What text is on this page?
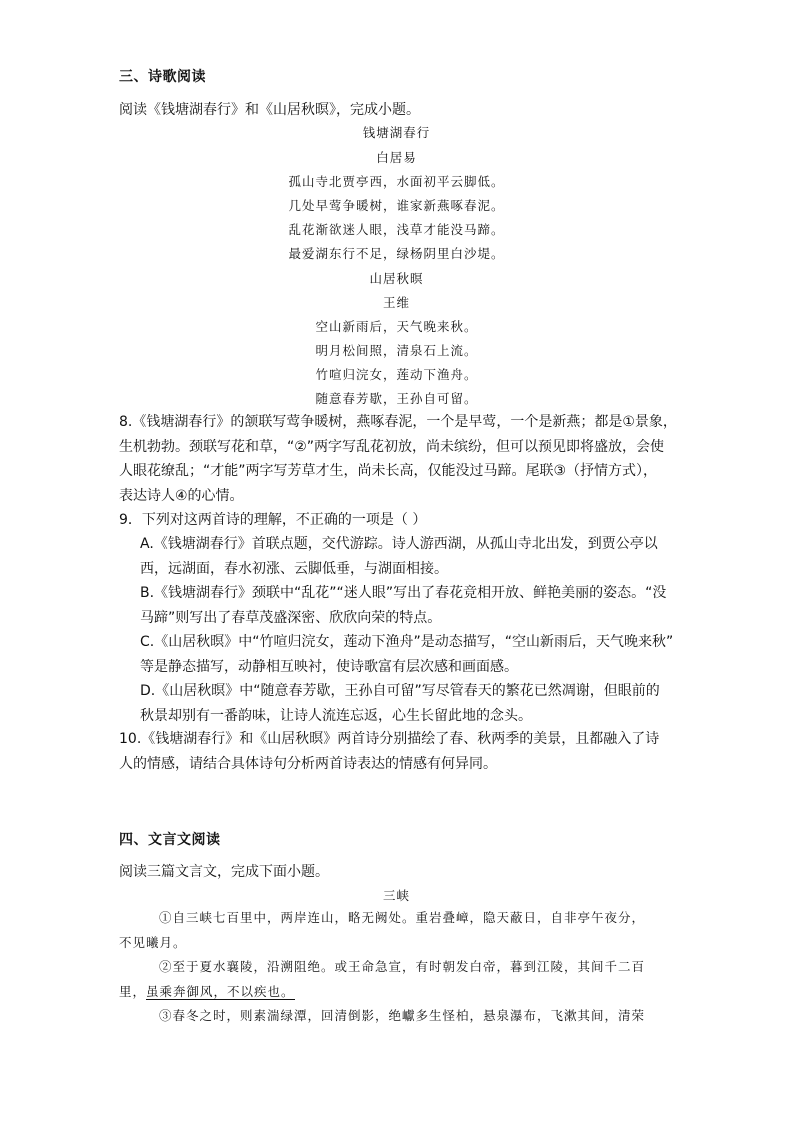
三、诗歌阅读
阅读《钱塘湖春行》和《山居秋暝》，完成小题。
钱塘湖春行
白居易
孤山寺北贾亭西，水面初平云脚低。
几处早莺争暖树，谁家新燕啄春泥。
乱花渐欲迷人眼，浅草才能没马蹄。
最爱湖东行不足，绿杨阴里白沙堤。
山居秋暝
王维
空山新雨后，天气晚来秋。
明月松间照，清泉石上流。
竹喧归浣女，莲动下渔舟。
随意春芳歇，王孙自可留。
8.《钱塘湖春行》的颔联写莺争暖树，燕啄春泥，一个是早莺，一个是新燕；都是①景象，
生机勃勃。颈联写花和草，“②”两字写乱花初放，尚未缤纷，但可以预见即将盛放，会使
人眼花缭乱；“才能”两字写芳草才生，尚未长高，仅能没过马蹄。尾联③（抒情方式），
表达诗人④的心情。
9．下列对这两首诗的理解，不正确的一项是（ ）
A.《钱塘湖春行》首联点题，交代游踪。诗人游西湖，从孤山寺北出发，到贾公亭以
西，远湖面，春水初涨、云脚低垂，与湖面相接。
B.《钱塘湖春行》颈联中“乱花”“迷人眼”写出了春花竞相开放、鲜艳美丽的姿态。“没
马蹄”则写出了春草茂盛深密、欣欣向荣的特点。
C.《山居秋暝》中“竹喧归浣女，莲动下渔舟”是动态描写，“空山新雨后，天气晚来秋”
等是静态描写，动静相互映衬，使诗歌富有层次感和画面感。
D.《山居秋暝》中“随意春芳歇，王孙自可留”写尽管春天的繁花已然凋谢，但眼前的
秋景却别有一番韵味，让诗人流连忘返，心生长留此地的念头。
10.《钱塘湖春行》和《山居秋暝》两首诗分别描绘了春、秋两季的美景，且都融入了诗
人的情感，请结合具体诗句分析两首诗表达的情感有何异同。
四、文言文阅读
阅读三篇文言文，完成下面小题。
三峡
①自三峡七百里中，两岸连山，略无阙处。重岩叠嶂，隐天蔽日，自非亭午夜分，
不见曦月。
②至于夏水襄陵，沿溯阻绝。或王命急宣，有时朝发白帝，暮到江陵，其间千二百
里，虽乘奔御风，不以疾也。
③春冬之时，则素湍绿潭，回清倒影，绝巘多生怪柏，悬泉瀑布，飞漱其间，清荣
